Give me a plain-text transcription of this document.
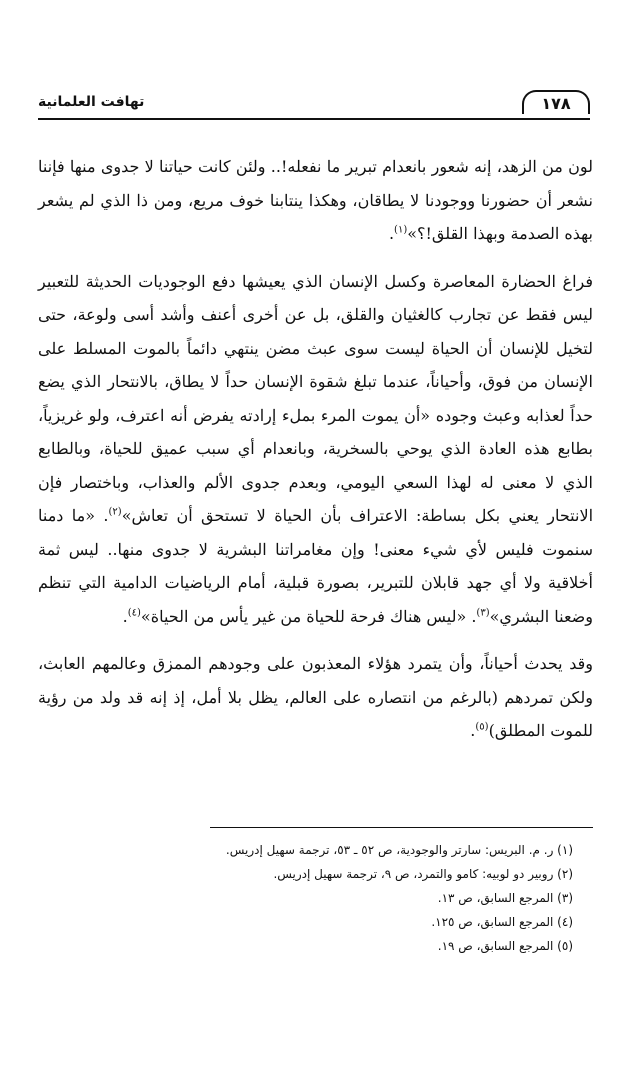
١٧٨
تهافت العلمانية

لون من الزهد، إنه شعور بانعدام تبرير ما نفعله!.. ولئن كانت حياتنا لا جدوى منها فإننا نشعر أن حضورنا ووجودنا لا يطاقان، وهكذا ينتابنا خوف مريع، ومن ذا الذي لم يشعر بهذه الصدمة وبهذا القلق!؟»$^{(١)}$.

فراغ الحضارة المعاصرة وكسل الإنسان الذي يعيشها دفع الوجوديات الحديثة للتعبير ليس فقط عن تجارب كالغثيان والقلق، بل عن أخرى أعنف وأشد أسى ولوعة، حتى لتخيل للإنسان أن الحياة ليست سوى عبث مضن ينتهي دائماً بالموت المسلط على الإنسان من فوق، وأحياناً، عندما تبلغ شقوة الإنسان حداً لا يطاق، بالانتحار الذي يضع حداً لعذابه وعبث وجوده «أن يموت المرء بملء إرادته يفرض أنه اعترف، ولو غريزياً، بطابع هذه العادة الذي يوحي بالسخرية، وبانعدام أي سبب عميق للحياة، وبالطابع الذي لا معنى له لهذا السعي اليومي، وبعدم جدوى الألم والعذاب، وباختصار فإن الانتحار يعني بكل بساطة: الاعتراف بأن الحياة لا تستحق أن تعاش»$^{(٢)}$. «ما دمنا سنموت فليس لأي شيء معنى! وإن مغامراتنا البشرية لا جدوى منها.. ليس ثمة أخلاقية ولا أي جهد قابلان للتبرير، بصورة قبلية، أمام الرياضيات الدامية التي تنظم وضعنا البشري»$^{(٣)}$. «ليس هناك فرحة للحياة من غير يأس من الحياة»$^{(٤)}$.

وقد يحدث أحياناً، وأن يتمرد هؤلاء المعذبون على وجودهم الممزق وعالمهم العابث، ولكن تمردهم (بالرغم من انتصاره على العالم، يظل بلا أمل، إذ إنه قد ولد من رؤية للموت المطلق)$^{(٥)}$.

(١) ر. م. البريس: سارتر والوجودية، ص ٥٢ ـ ٥٣، ترجمة سهيل إدريس.
(٢) روبير دو لوبيه: كامو والتمرد، ص ٩، ترجمة سهيل إدريس.
(٣) المرجع السابق، ص ١٣.
(٤) المرجع السابق، ص ١٢٥.
(٥) المرجع السابق، ص ١٩.
